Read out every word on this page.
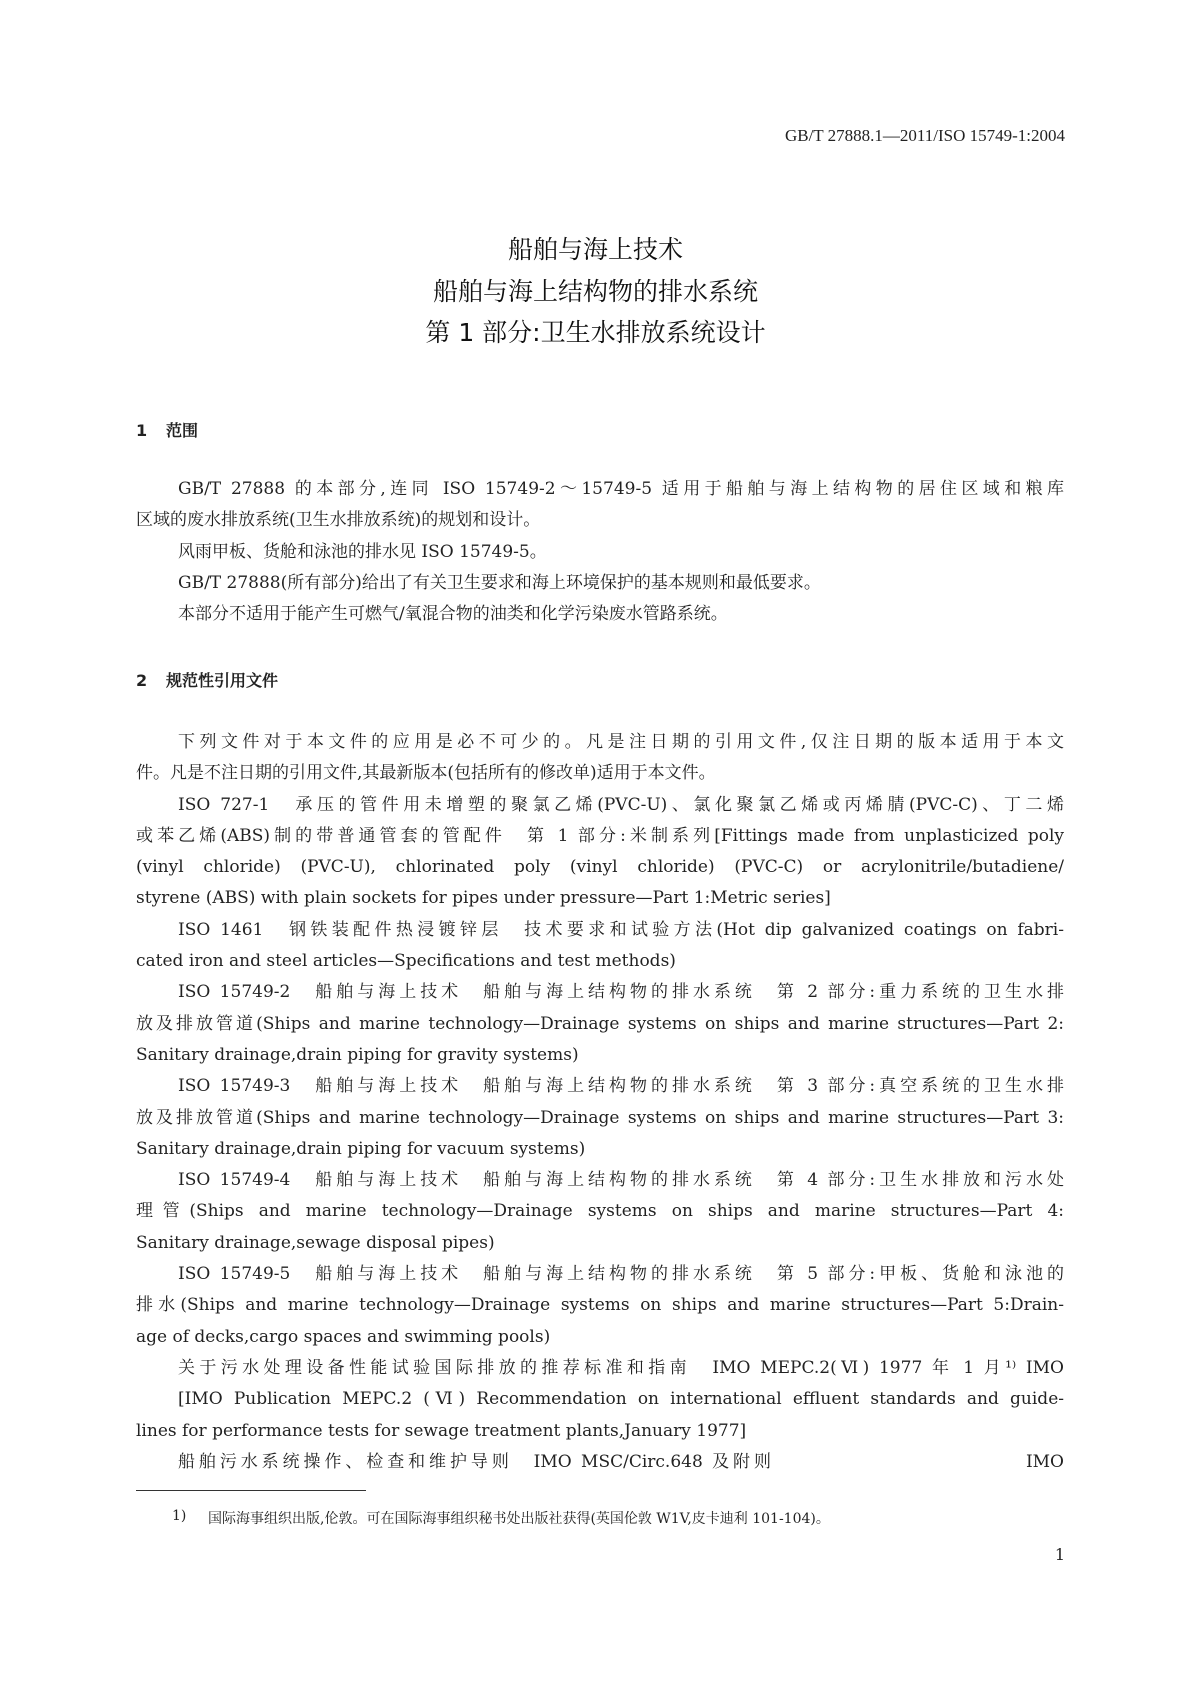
GB/T 27888.1—2011/ISO 15749-1:2004
船舶与海上技术
船舶与海上结构物的排水系统
第 1 部分:卫生水排放系统设计
1 范围
GB/T 27888 的本部分,连同 ISO 15749-2～15749-5 适用于船舶与海上结构物的居住区域和粮库
区域的废水排放系统(卫生水排放系统)的规划和设计。
风雨甲板、货舱和泳池的排水见 ISO 15749-5。
GB/T 27888(所有部分)给出了有关卫生要求和海上环境保护的基本规则和最低要求。
本部分不适用于能产生可燃气/氧混合物的油类和化学污染废水管路系统。
2 规范性引用文件
下列文件对于本文件的应用是必不可少的。凡是注日期的引用文件,仅注日期的版本适用于本文
件。凡是不注日期的引用文件,其最新版本(包括所有的修改单)适用于本文件。
ISO 727-1　承压的管件用未增塑的聚氯乙烯(PVC-U)、氯化聚氯乙烯或丙烯腈(PVC-C)、丁二烯
或苯乙烯(ABS)制的带普通管套的管配件　第 1 部分:米制系列[Fittings made from unplasticized poly
(vinyl chloride) (PVC-U), chlorinated poly (vinyl chloride) (PVC-C) or acrylonitrile/butadiene/
styrene (ABS) with plain sockets for pipes under pressure—Part 1:Metric series]
ISO 1461　钢铁装配件热浸镀锌层　技术要求和试验方法(Hot dip galvanized coatings on fabri-
cated iron and steel articles—Specifications and test methods)
ISO 15749-2　船舶与海上技术　船舶与海上结构物的排水系统　第 2 部分:重力系统的卫生水排
放及排放管道(Ships and marine technology—Drainage systems on ships and marine structures—Part 2:
Sanitary drainage,drain piping for gravity systems)
ISO 15749-3　船舶与海上技术　船舶与海上结构物的排水系统　第 3 部分:真空系统的卫生水排
放及排放管道(Ships and marine technology—Drainage systems on ships and marine structures—Part 3:
Sanitary drainage,drain piping for vacuum systems)
ISO 15749-4　船舶与海上技术　船舶与海上结构物的排水系统　第 4 部分:卫生水排放和污水处
理管(Ships and marine technology—Drainage systems on ships and marine structures—Part 4:
Sanitary drainage,sewage disposal pipes)
ISO 15749-5　船舶与海上技术　船舶与海上结构物的排水系统　第 5 部分:甲板、货舱和泳池的
排水(Ships and marine technology—Drainage systems on ships and marine structures—Part 5:Drain-
age of decks,cargo spaces and swimming pools)
关于污水处理设备性能试验国际排放的推荐标准和指南　IMO MEPC.2(Ⅵ) 1977 年 1 月¹⁾ IMO
[IMO Publication MEPC.2 (Ⅵ) Recommendation on international effluent standards and guide-
lines for performance tests for sewage treatment plants,January 1977]
船舶污水系统操作、检查和维护导则　IMO MSC/Circ.648 及附则　　　　　　　　　　　　IMO
1) 国际海事组织出版,伦敦。可在国际海事组织秘书处出版社获得(英国伦敦 W1V,皮卡迪利 101-104)。
1
